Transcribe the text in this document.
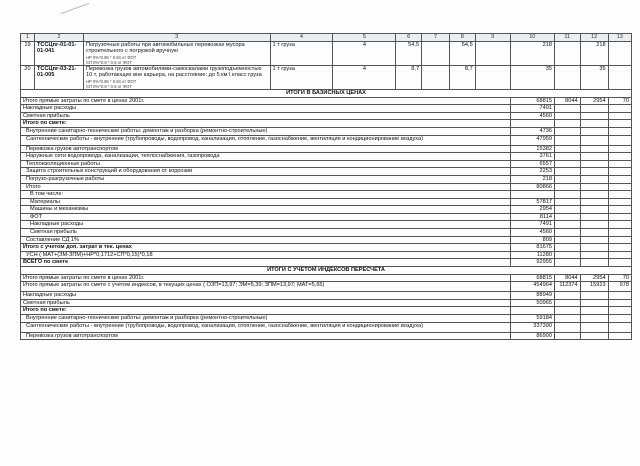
1	2	3	4	5	6	7	8	9	10	11	12	13
19	ТССЦпг-01-01-01-041	Погрузочные работы при автомобильных перевозках мусора строительного с погрузкой вручную
НР 0%*0.85 * 0.94 от ФОТ
СП 0%*0.8 * 0.9 от ФОТ	1 т груза	4	54,5		54,5		218		218	
20	ТССЦпг-03-21-01-005	Перевозка грузов автомобилями-самосвалами грузоподъемностью 10 т, работающих вне карьера, на расстояние: до 5 км I класс груза
НР 0%*0.85 * 0.94 от ФОТ
СП 0%*0.8 * 0.9 от ФОТ	1 т груза	4	8,7		8,7		35		35	
ИТОГИ В БАЗИСНЫХ ЦЕНАХ												
Итого прямые затраты по смете в ценах 2001г.									68815	8044	2954	70
Накладные расходы									7491			
Сметная прибыль									4560			
Итого по смете:												
Внутренние санитарно-технические работы: демонтаж и разборка (ремонтно-строительные)									4736			
Сантехнические работы - внутренние (трубопроводы, водопровод, канализация, отопление, газоснабжение, вентиляция и кондиционирование воздуха)									47959			
Перевозка грузов автотранспортом									15382			
Наружные сети водопровода, канализации, теплоснабжения, газопровода									3761			
Теплоизоляционные работы									6557			
Защита строительных конструкций и оборудования от коррозии									2253			
Погрузо-разгрузочные работы									218			
Итого									80866			
В том числе:												
Материалы									57817			
Машины и механизмы									2954			
ФОТ									8114			
Накладные расходы									7491			
Сметная прибыль									4560			
Составление СД 1%									809			
Итого с учетом доп. затрат в тек. ценах									81675			
УСН ( МАТ+(ЗМ-ЗПМ)+НР*0,1712+СП*0,15)*0,18									11280			
ВСЕГО по смете									92955			
ИТОГИ С УЧЕТОМ ИНДЕКСОВ ПЕРЕСЧЕТА												
Итого прямые затраты по смете в ценах 2001г.									68815	8044	2954	70
Итого прямые затраты по смете с учетом индексов, в текущих ценах ( ОЗП=13,97; ЭМ=5,39; ЗПМ=13,97; МАТ=5,65)									454964	112374	15923	978
Накладные расходы									88949			
Сметная прибыль									50965			
Итого по смете:												
Внутренние санитарно-технические работы: демонтаж и разборка (ремонтно-строительные)									59184			
Сантехнические работы - внутренние (трубопроводы, водопровод, канализация, отопление, газоснабжение, вентиляция и кондиционирование воздуха)									337390			
Перевозка грузов автотранспортом									86900			
